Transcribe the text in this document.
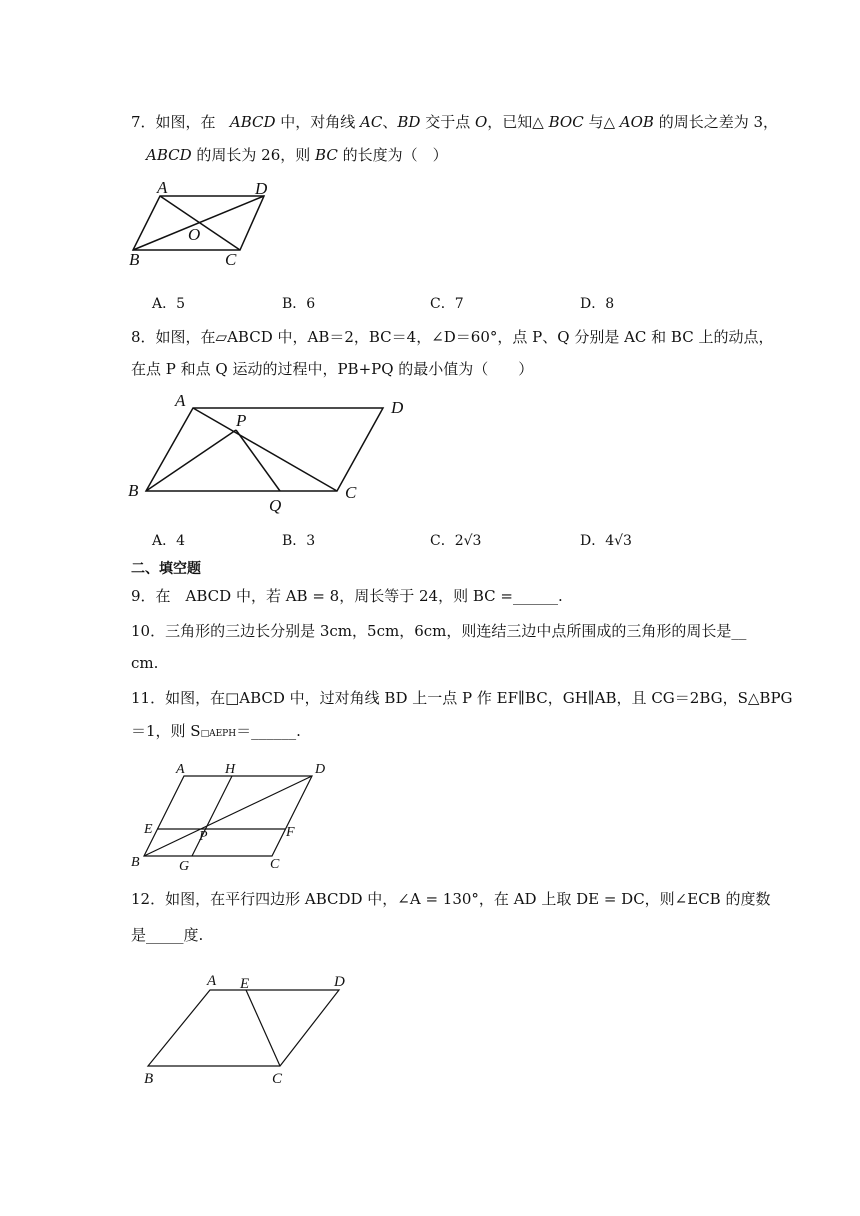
7．如图，在 ABCD 中，对角线 AC、BD 交于点 O，已知△ BOC 与△ AOB 的周长之差为 3，
ABCD 的周长为 26，则 BC 的长度为（　）
A	D
O
B	C
A．5	B．6	C．7	D．8
8．如图，在▱ABCD 中，AB＝2，BC＝4，∠D＝60°，点 P、Q 分别是 AC 和 BC 上的动点，
在点 P 和点 Q 运动的过程中，PB+PQ 的最小值为（　　）
A
P
D
B
Q
C
A．4	B．3	C．2√3	D．4√3
二、填空题
9．在　ABCD 中，若 AB = 8，周长等于 24，则 BC =______.
10．三角形的三边长分别是 3cm，5cm，6cm，则连结三边中点所围成的三角形的周长是__
cm.
11．如图，在□ABCD 中，过对角线 BD 上一点 P 作 EF∥BC，GH∥AB，且 CG＝2BG，S△BPG
＝1，则 S□AEPH＝______.
A	H	D
E	P	F
B	G	C
12．如图，在平行四边形 ABCDD 中，∠A = 130°，在 AD 上取 DE = DC，则∠ECB 的度数
是_____度.
A E	D
B	C
